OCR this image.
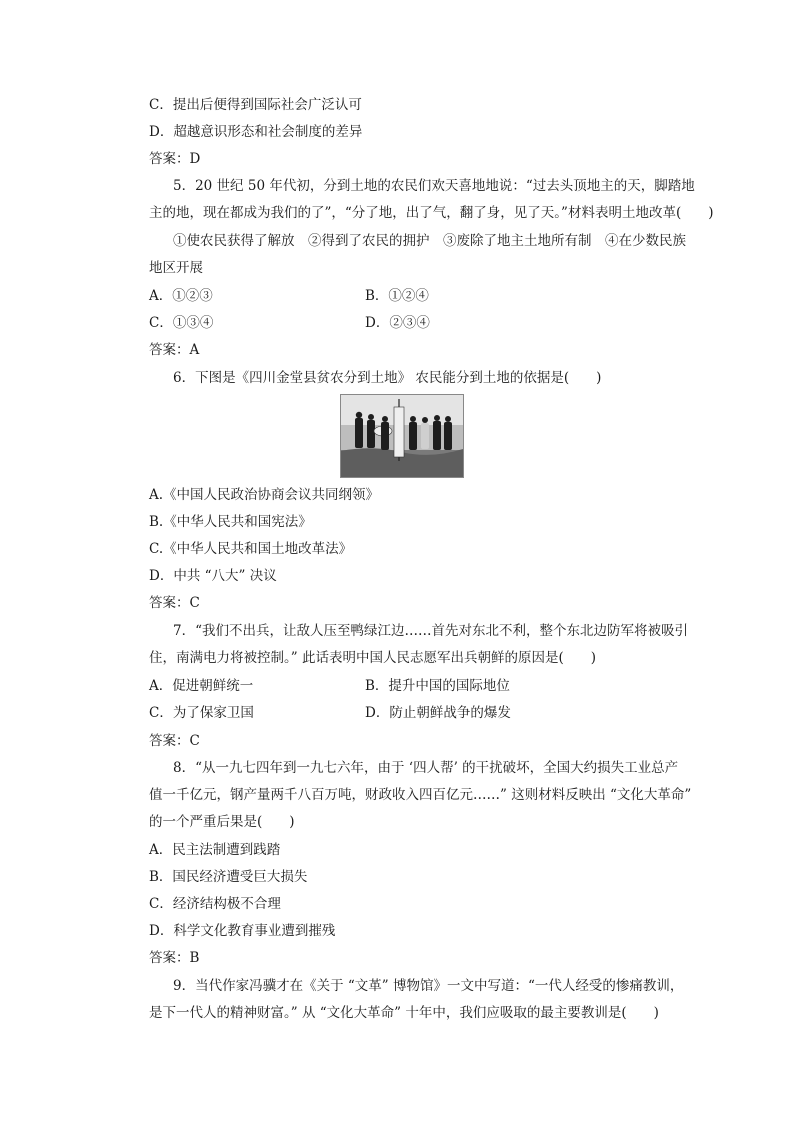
C．提出后便得到国际社会广泛认可
D．超越意识形态和社会制度的差异
答案：D
5．20 世纪 50 年代初，分到土地的农民们欢天喜地地说：“过去头顶地主的天，脚踏地
主的地，现在都成为我们的了”，“分了地，出了气，翻了身，见了天。”材料表明土地改革(　　)
①使农民获得了解放　②得到了农民的拥护　③废除了地主土地所有制　④在少数民族
地区开展
A．①②③	B．①②④
C．①③④	D．②③④
答案：A
6．下图是《四川金堂县贫农分到土地》 农民能分到土地的依据是(　　)
A.《中国人民政治协商会议共同纲领》
B.《中华人民共和国宪法》
C.《中华人民共和国土地改革法》
D．中共 “八大” 决议
答案：C
7．“我们不出兵，让敌人压至鸭绿江边……首先对东北不利，整个东北边防军将被吸引
住，南满电力将被控制。” 此话表明中国人民志愿军出兵朝鲜的原因是(　　)
A．促进朝鲜统一	B．提升中国的国际地位
C．为了保家卫国	D．防止朝鲜战争的爆发
答案：C
8．“从一九七四年到一九七六年，由于 ‘四人帮’ 的干扰破坏，全国大约损失工业总产
值一千亿元，钢产量两千八百万吨，财政收入四百亿元……” 这则材料反映出 “文化大革命”
的一个严重后果是(　　)
A．民主法制遭到践踏
B．国民经济遭受巨大损失
C．经济结构极不合理
D．科学文化教育事业遭到摧残
答案：B
9．当代作家冯骥才在《关于 “文革” 博物馆》一文中写道：“一代人经受的惨痛教训，
是下一代人的精神财富。” 从 “文化大革命” 十年中，我们应吸取的最主要教训是(　　)
